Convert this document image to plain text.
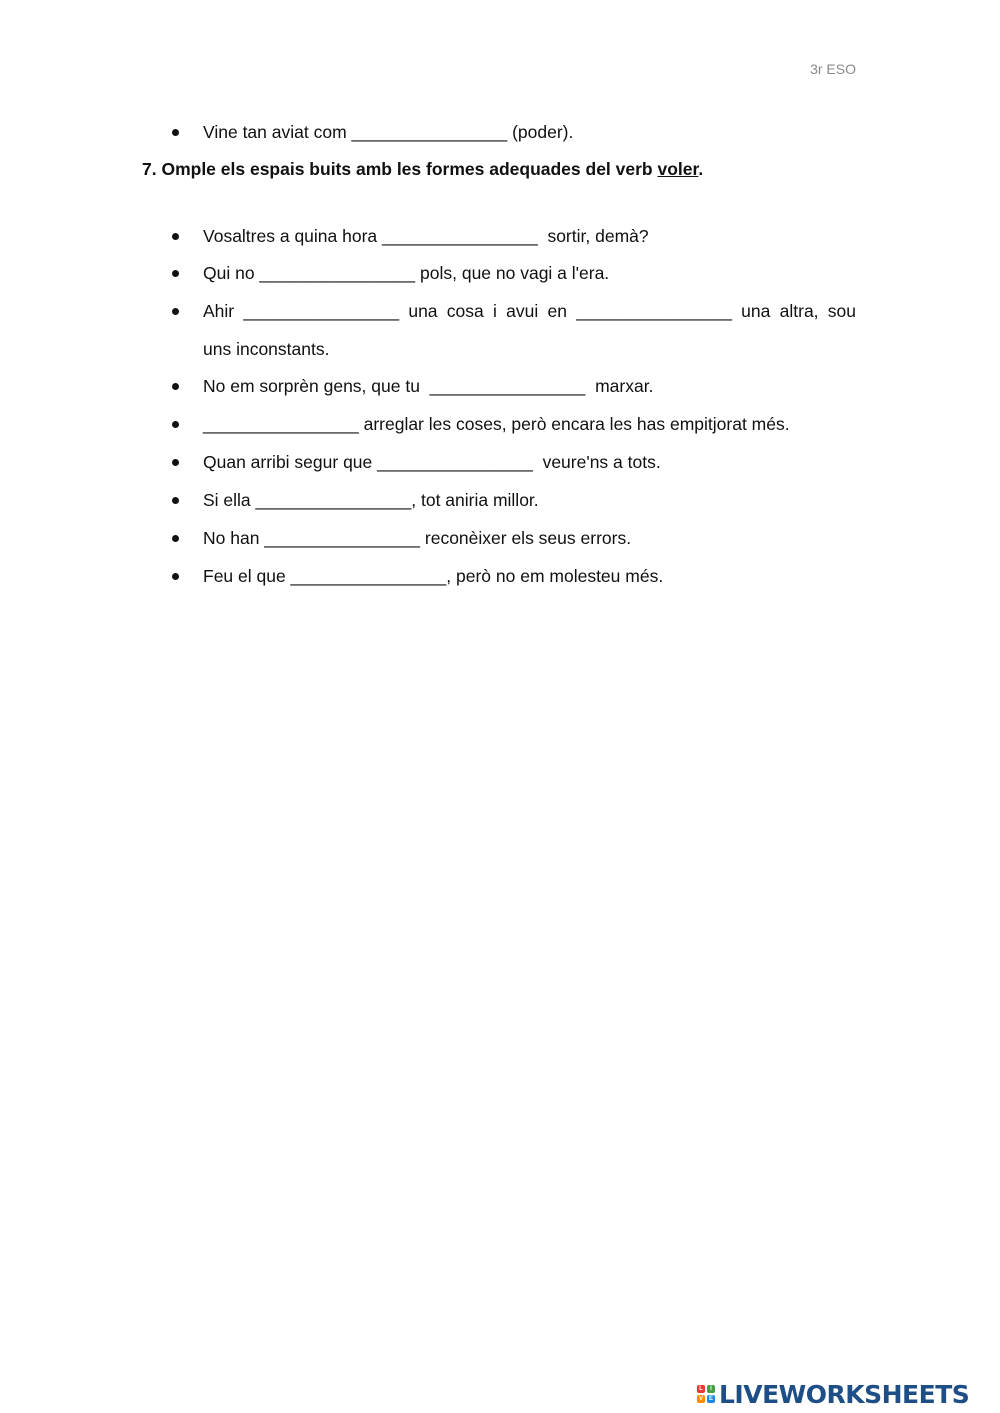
3r ESO
Vine tan aviat com ________________ (poder).
7. Omple els espais buits amb les formes adequades del verb voler.
Vosaltres a quina hora ________________  sortir, demà?
Qui no ________________ pols, que no vagi a l'era.
Ahir ________________ una cosa i avui en ________________ una altra, sou
uns inconstants.
No em sorprèn gens, que tu  ________________  marxar.
________________ arreglar les coses, però encara les has empitjorat més.
Quan arribi segur que ________________  veure'ns a tots.
Si ella ________________, tot aniria millor.
No han ________________ reconèixer els seus errors.
Feu el que ________________, però no em molesteu més.
L	I
V E LIVEWORKSHEETS
